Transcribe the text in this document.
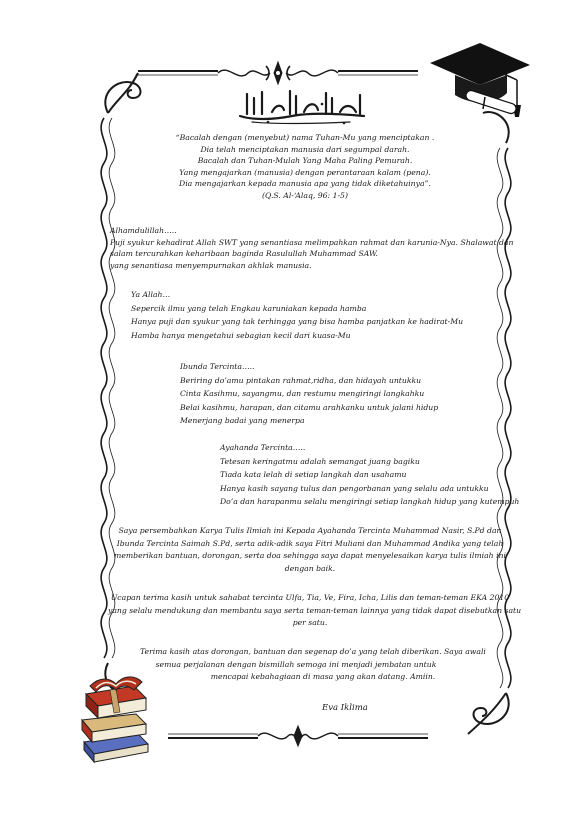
“Bacalah dengan (menyebut) nama Tuhan-Mu yang menciptakan .
Dia telah menciptakan manusia dari segumpal darah.
Bacalah dan Tuhan-Mulah Yang Maha Paling Pemurah.
Yang mengajarkan (manusia) dengan perantaraan kalam (pena).
Dia mengajarkan kepada manusia apa yang tidak diketahuinya”.
(Q.S. Al-‘Alaq, 96: 1-5)
Alhamdulillah…..
Puji syukur kehadirat Allah SWT yang senantiasa melimpahkan rahmat dan karunia-Nya. Shalawat dan
salam tercurahkan keharibaan baginda Rasulullah Muhammad SAW.
yang senantiasa menyempurnakan akhlak manusia.
Ya Allah…
Sepercik ilmu yang telah Engkau karuniakan kepada hamba
Hanya puji dan syukur yang tak terhingga yang bisa hamba panjatkan ke hadirat-Mu
Hamba hanya mengetahui sebagian kecil dari kuasa-Mu
Ibunda Tercinta…..
Beriring do’amu pintakan rahmat,ridha, dan hidayah untukku
Cinta Kasihmu, sayangmu, dan restumu mengiringi langkahku
Belai kasihmu, harapan, dan citamu arahkanku untuk jalani hidup
Menerjang badai yang menerpa
Ayahanda Tercinta…..
Tetesan keringatmu adalah semangat juang bagiku
Tiada kata lelah di setiap langkah dan usahamu
Hanya kasih sayang tulus dan pengorbanan yang selalu ada untukku
Do’a dan harapanmu selalu mengiringi setiap langkah hidup yang kutempuh
Saya persembahkan Karya Tulis Ilmiah ini Kepada Ayahanda Tercinta Muhammad Nasir, S.Pd dan
Ibunda Tercinta Saimah S.Pd, serta adik-adik saya Fitri Muliani dan Muhammad Andika yang telah
memberikan bantuan, dorongan, serta doa sehingga saya dapat menyelesaikan karya tulis ilmiah ini
dengan baik.
Ucapan terima kasih untuk sahabat tercinta Ulfa, Tia, Ve, Fira, Icha, Lilis dan teman-teman EKA 2010
yang selalu mendukung dan membantu saya serta teman-teman lainnya yang tidak dapat disebutkan satu
per satu.
Terima kasih atas dorongan, bantuan dan segenap do’a yang telah diberikan. Saya awali
semua perjalanan dengan bismillah semoga ini menjadi jembatan untuk
mencapai kebahagiaan di masa yang akan datang. Amiin.
Eva Iklima
